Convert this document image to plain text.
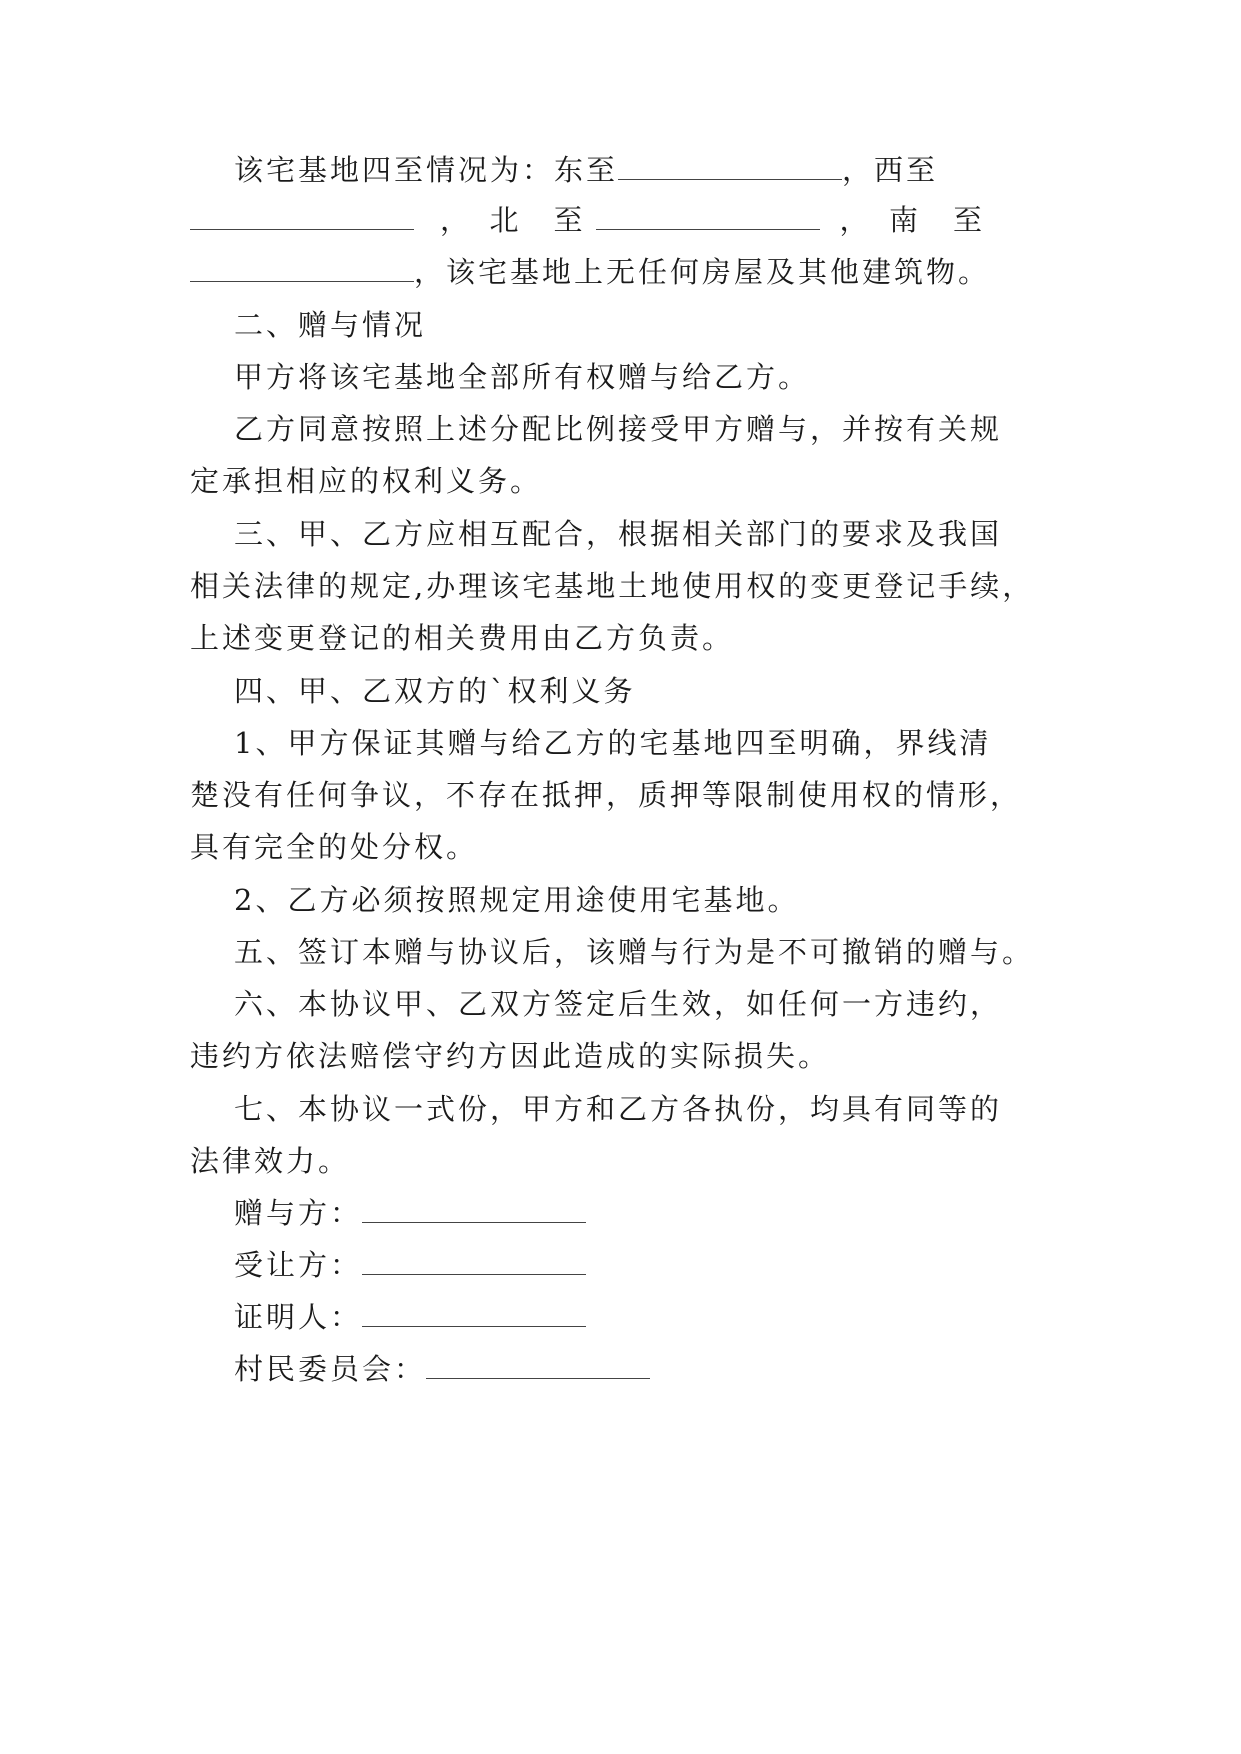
该宅基地四至情况为：东至	，西至
，　北　至	，　南　至
，该宅基地上无任何房屋及其他建筑物。
二、赠与情况
甲方将该宅基地全部所有权赠与给乙方。
乙方同意按照上述分配比例接受甲方赠与，并按有关规
定承担相应的权利义务。
三、甲、乙方应相互配合，根据相关部门的要求及我国
相关法律的规定,办理该宅基地土地使用权的变更登记手续，
上述变更登记的相关费用由乙方负责。
四、甲、乙双方的`权利义务
1、甲方保证其赠与给乙方的宅基地四至明确，界线清
楚没有任何争议，不存在抵押，质押等限制使用权的情形，
具有完全的处分权。
2、乙方必须按照规定用途使用宅基地。
五、签订本赠与协议后，该赠与行为是不可撤销的赠与。
六、本协议甲、乙双方签定后生效，如任何一方违约，
违约方依法赔偿守约方因此造成的实际损失。
七、本协议一式份，甲方和乙方各执份，均具有同等的
法律效力。
赠与方：
受让方：
证明人：
村民委员会：
